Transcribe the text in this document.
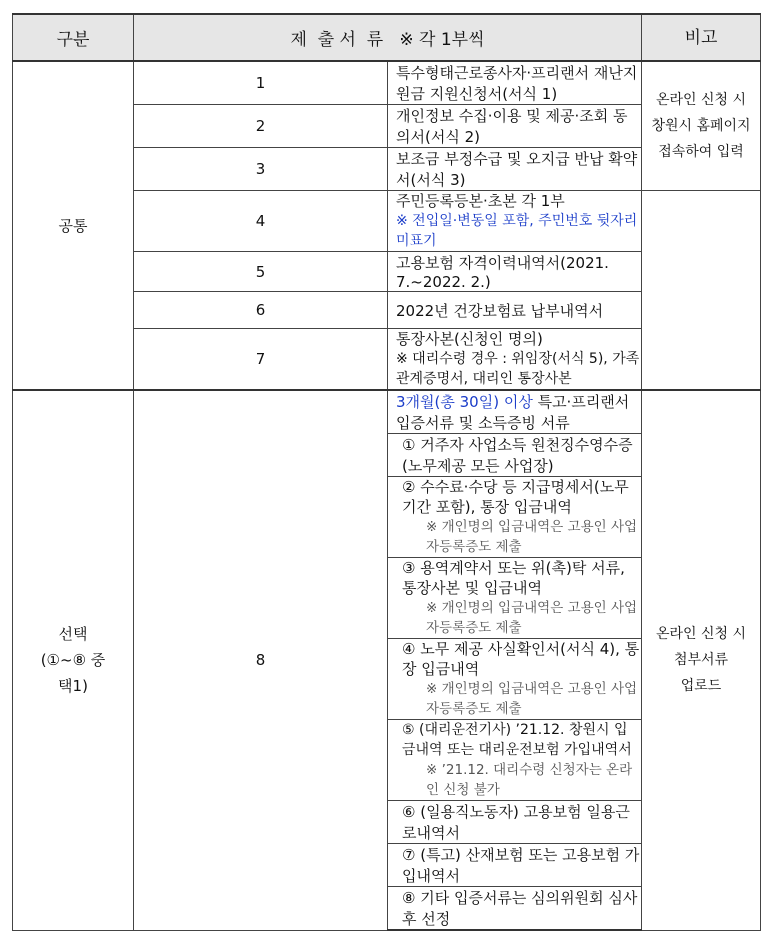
구분	제  출 서  류   ※ 각 1부씩		비고
공통	1	특수형태근로종사자·프리랜서 재난지원금 지원신청서(서식 1)	온라인 신청 시
창원시 홈페이지
접속하여 입력

	2	개인정보 수집·이용 및 제공·조회 동의서(서식 2)	
	3	보조금 부정수급 및 오지급 반납 확약서(서식 3)	
	4	주민등록등본·초본 각 1부
※ 전입일·변동일 포함, 주민번호 뒷자리 미표기	

	5	고용보험 자격이력내역서(2021. 7.~2022. 2.)	
	6	2022년 건강보험료 납부내역서	
	7	통장사본(신청인 명의)
※ 대리수령 경우 : 위임장(서식 5), 가족관계증명서, 대리인 통장사본	

선택
(①~⑧ 중
택1)	8	3개월(총 30일) 이상 특고·프리랜서 입증서류 및 소득증빙 서류	온라인 신청 시
첨부서류
업로드

		① 거주자 사업소득 원천징수영수증(노무제공 모든 사업장)	

		② 수수료·수당 등 지급명세서(노무기간 포함), 통장 입금내역
※ 개인명의 입금내역은 고용인 사업자등록증도 제출	

		③ 용역계약서 또는 위(촉)탁 서류, 통장사본 및 입금내역
※ 개인명의 입금내역은 고용인 사업자등록증도 제출	

		④ 노무 제공 사실확인서(서식 4), 통장 입금내역
※ 개인명의 입금내역은 고용인 사업자등록증도 제출	

		⑤ (대리운전기사) ’21.12. 창원시 입금내역 또는 대리운전보험 가입내역서
※ ’21.12. 대리수령 신청자는 온라인 신청 불가	

		⑥ (일용직노동자) 고용보험 일용근로내역서	
		⑦ (특고) 산재보험 또는 고용보험 가입내역서	
		⑧ 기타 입증서류는 심의위원회 심사 후 선정	
